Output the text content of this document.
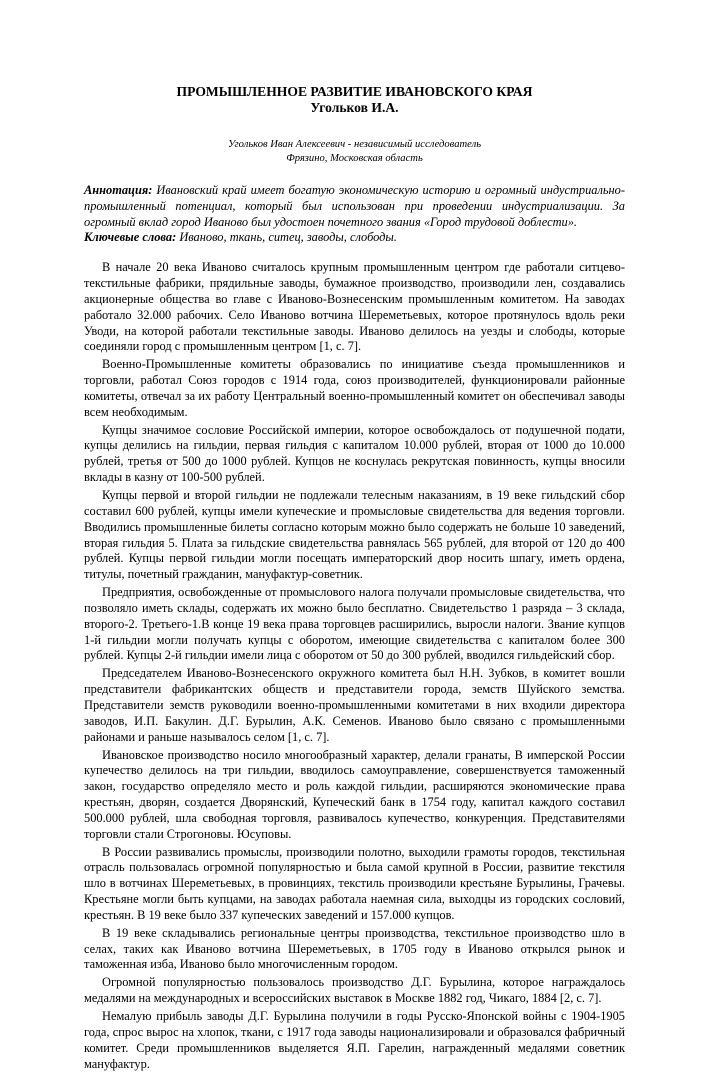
ПРОМЫШЛЕННОЕ РАЗВИТИЕ ИВАНОВСКОГО КРАЯ
Угольков И.А.
Угольков Иван Алексеевич - независимый исследователь
Фрязино, Московская область

Аннотация: Ивановский край имеет богатую экономическую историю и огромный индустриально-промышленный потенциал, который был использован при проведении индустриализации. За огромный вклад город Иваново был удостоен почетного звания «Город трудовой доблести».

Ключевые слова: Иваново, ткань, ситец, заводы, слободы.

В начале 20 века Иваново считалось крупным промышленным центром где работали ситцево-текстильные фабрики, прядильные заводы, бумажное производство, производили лен, создавались акционерные общества во главе с Иваново-Вознесенским промышленным комитетом. На заводах работало 32.000 рабочих. Село Иваново вотчина Шереметьевых, которое протянулось вдоль реки Уводи, на которой работали текстильные заводы. Иваново делилось на уезды и слободы, которые соединяли город с промышленным центром [1, с. 7].

Военно-Промышленные комитеты образовались по инициативе съезда промышленников и торговли, работал Союз городов с 1914 года, союз производителей, функционировали районные комитеты, отвечал за их работу Центральный военно-промышленный комитет он обеспечивал заводы всем необходимым.

Купцы значимое сословие Российской империи, которое освобождалось от подушечной подати, купцы делились на гильдии, первая гильдия с капиталом 10.000 рублей, вторая от 1000 до 10.000 рублей, третья от 500 до 1000 рублей. Купцов не коснулась рекрутская повинность, купцы вносили вклады в казну от 100-500 рублей.

Купцы первой и второй гильдии не подлежали телесным наказаниям, в 19 веке гильдский сбор составил 600 рублей, купцы имели купеческие и промысловые свидетельства для ведения торговли. Вводились промышленные билеты согласно которым можно было содержать не больше 10 заведений, вторая гильдия 5. Плата за гильдские свидетельства равнялась 565 рублей, для второй от 120 до 400 рублей. Купцы первой гильдии могли посещать императорский двор носить шпагу, иметь ордена, титулы, почетный гражданин, мануфактур-советник.

Предприятия, освобожденные от промыслового налога получали промысловые свидетельства, что позволяло иметь склады, содержать их можно было бесплатно. Свидетельство 1 разряда – 3 склада, второго-2. Третьего-1.В конце 19 века права торговцев расширились, выросли налоги. Звание купцов 1-й гильдии могли получать купцы с оборотом, имеющие свидетельства с капиталом более 300 рублей. Купцы 2-й гильдии имели лица с оборотом от 50 до 300 рублей, вводился гильдейский сбор.

Председателем Иваново-Вознесенского окружного комитета был Н.Н. Зубков, в комитет вошли представители фабрикантских обществ и представители города, земств Шуйского земства. Представители земств руководили военно-промышленными комитетами в них входили директора заводов, И.П. Бакулин. Д.Г. Бурылин, А.К. Семенов. Иваново было связано с промышленными районами и раньше называлось селом [1, с. 7].

Ивановское производство носило многообразный характер, делали гранаты, В имперской России купечество делилось на три гильдии, вводилось самоуправление, совершенствуется таможенный закон, государство определяло место и роль каждой гильдии, расширяются экономические права крестьян, дворян, создается Дворянский, Купеческий банк в 1754 году, капитал каждого составил 500.000 рублей, шла свободная торговля, развивалось купечество, конкуренция. Представителями торговли стали Строгоновы. Юсуповы.

В России развивались промыслы, производили полотно, выходили грамоты городов, текстильная отрасль пользовалась огромной популярностью и была самой крупной в России, развитие текстиля шло в вотчинах Шереметьевых, в провинциях, текстиль производили крестьяне Бурылины, Грачевы. Крестьяне могли быть купцами, на заводах работала наемная сила, выходцы из городских сословий, крестьян. В 19 веке было 337 купеческих заведений и 157.000 купцов.

В 19 веке складывались региональные центры производства, текстильное производство шло в селах, таких как Иваново вотчина Шереметьевых, в 1705 году в Иваново открылся рынок и таможенная изба, Иваново было многочисленным городом.

Огромной популярностью пользовалось производство Д.Г. Бурылина, которое награждалось медалями на международных и всероссийских выставок в Москве 1882 год, Чикаго, 1884 [2, с. 7].

Немалую прибыль заводы Д.Г. Бурылина получили в годы Русско-Японской войны с 1904-1905 года, спрос вырос на хлопок, ткани, с 1917 года заводы национализировали и образовался фабричный комитет. Среди промышленников выделяется Я.П. Гарелин, награжденный медалями советник мануфактур.
